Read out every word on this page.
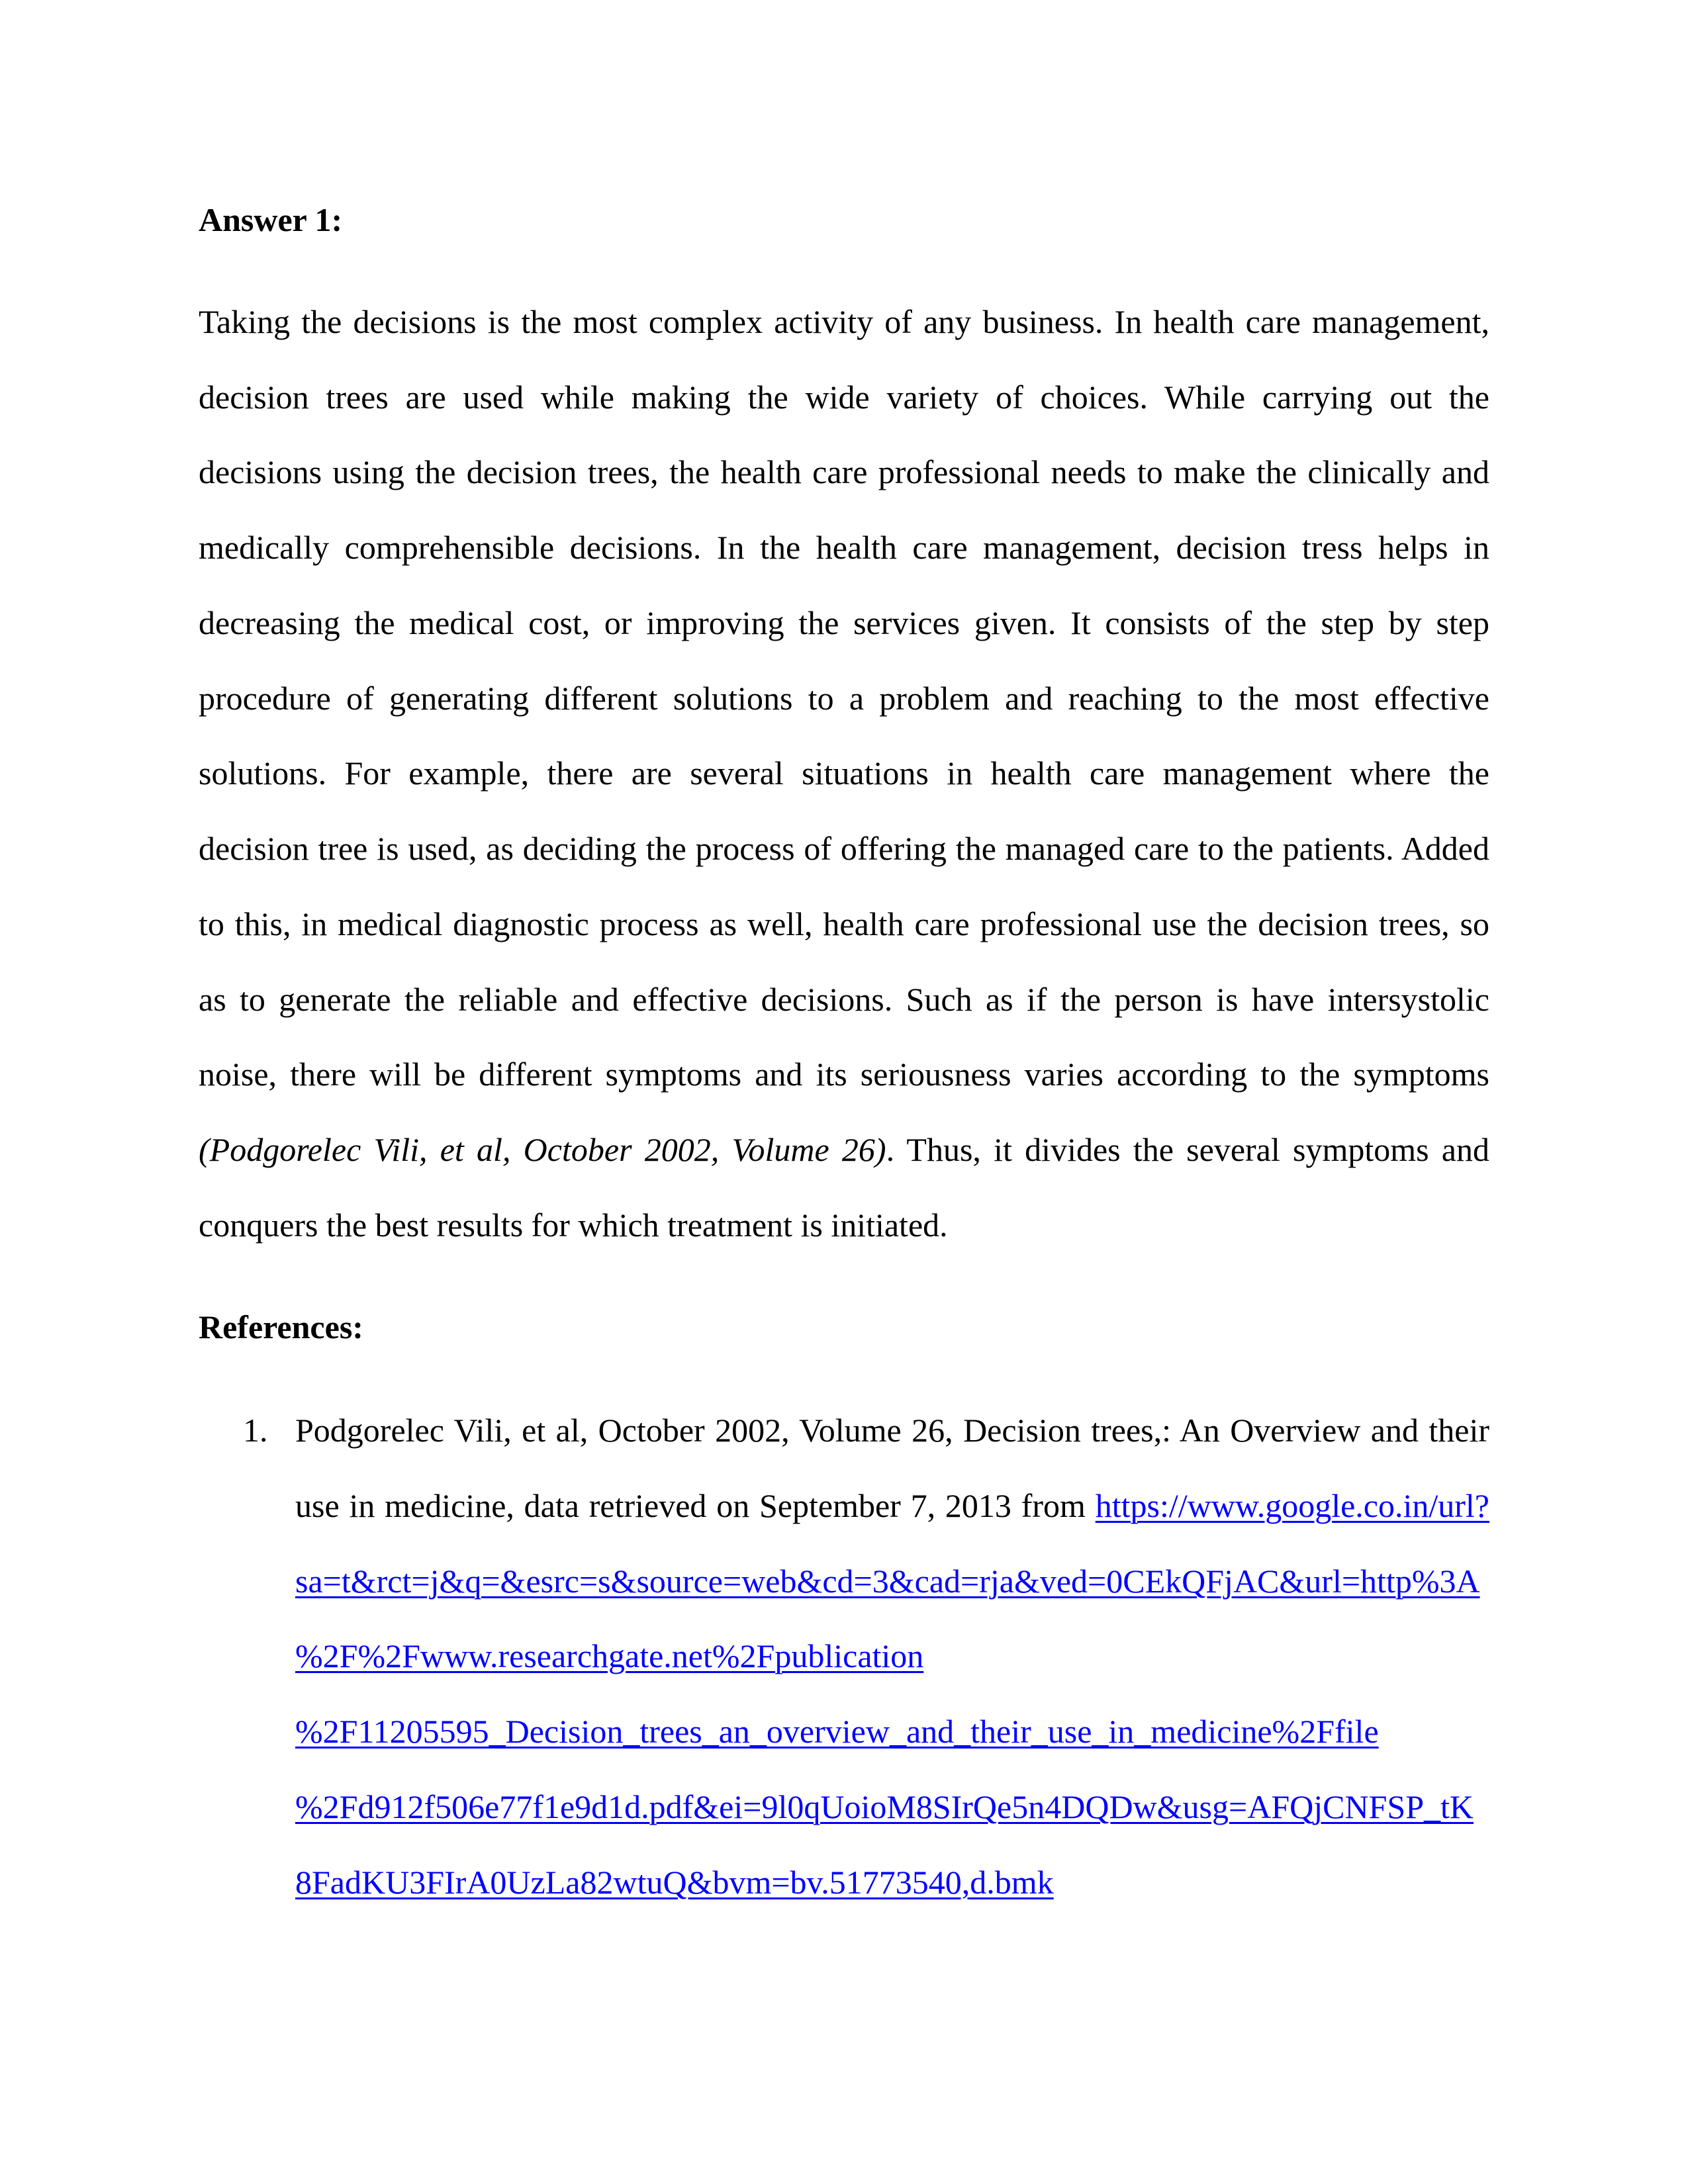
Answer 1:
Taking the decisions is the most complex activity of any business. In health care management,
decision trees are used while making the wide variety of choices. While carrying out the
decisions using the decision trees, the health care professional needs to make the clinically and
medically comprehensible decisions. In the health care management, decision tress helps in
decreasing the medical cost, or improving the services given. It consists of the step by step
procedure of generating different solutions to a problem and reaching to the most effective
solutions. For example, there are several situations in health care management where the
decision tree is used, as deciding the process of offering the managed care to the patients. Added
to this, in medical diagnostic process as well, health care professional use the decision trees, so
as to generate the reliable and effective decisions. Such as if the person is have intersystolic
noise, there will be different symptoms and its seriousness varies according to the symptoms
(Podgorelec Vili, et al, October 2002, Volume 26). Thus, it divides the several symptoms and
conquers the best results for which treatment is initiated.
References:
1. Podgorelec Vili, et al, October 2002, Volume 26, Decision trees,: An Overview and their
use in medicine, data retrieved on September 7, 2013 from https://www.google.co.in/url?
sa=t&rct=j&q=&esrc=s&source=web&cd=3&cad=rja&ved=0CEkQFjAC&url=http%3A
%2F%2Fwww.researchgate.net%2Fpublication
%2F11205595_Decision_trees_an_overview_and_their_use_in_medicine%2Ffile
%2Fd912f506e77f1e9d1d.pdf&ei=9l0qUoioM8SIrQe5n4DQDw&usg=AFQjCNFSP_tK
8FadKU3FIrA0UzLa82wtuQ&bvm=bv.51773540,d.bmk
